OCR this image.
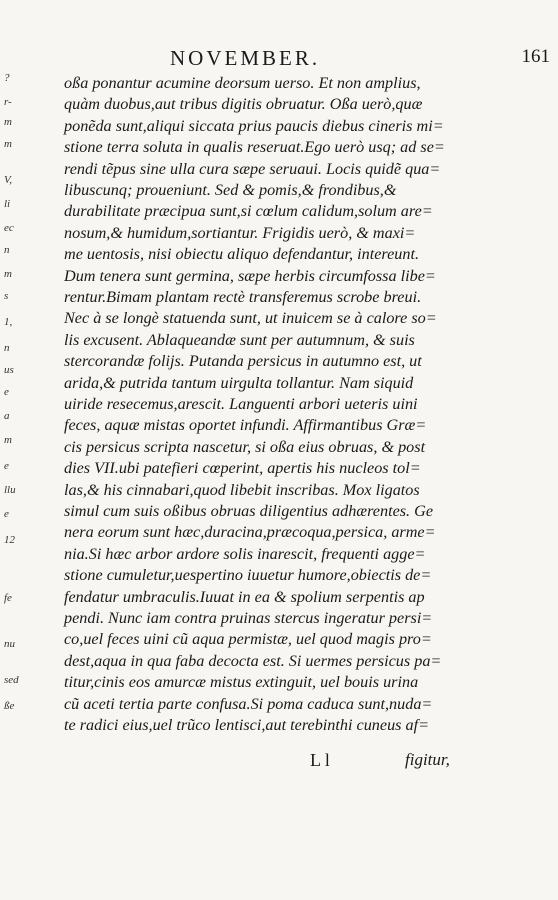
NOVEMBER.	161
?
r-
m
m
V,
li
ec
n
m
s
1,
n
us
e
a
m
e
llu
e
12
fe
nu
sed
ße
oßa ponantur acumine deorsum uerso. Et non amplius,
quàm duobus,aut tribus digitis obruatur. Oßa uerò,quæ
ponẽda sunt,aliqui siccata prius paucis diebus cineris mi=
stione terra soluta in qualis reseruat.Ego uerò usq; ad se=
rendi tẽpus sine ulla cura sæpe seruaui. Locis quidẽ qua=
libuscunq; proueniunt. Sed & pomis,& frondibus,&
durabilitate præcipua sunt,si cœlum calidum,solum are=
nosum,& humidum,sortiantur. Frigidis uerò, & maxi=
me uentosis, nisi obiectu aliquo defendantur, intereunt.
Dum tenera sunt germina, sæpe herbis circumfossa libe=
rentur.Bimam plantam rectè transferemus scrobe breui.
Nec à se longè statuenda sunt, ut inuicem se à calore so=
lis excusent. Ablaqueandæ sunt per autumnum, & suis
stercorandæ folijs. Putanda persicus in autumno est, ut
arida,& putrida tantum uirgulta tollantur. Nam siquid
uiride resecemus,arescit. Languenti arbori ueteris uini
feces, aquæ mistas oportet infundi. Affirmantibus Græ=
cis persicus scripta nascetur, si oßa eius obruas, & post
dies VII.ubi patefieri cœperint, apertis his nucleos tol=
las,& his cinnabari,quod libebit inscribas. Mox ligatos
simul cum suis oßibus obruas diligentius adhærentes. Ge
nera eorum sunt hæc,duracina,præcoqua,persica, arme=
nia.Si hæc arbor ardore solis inarescit, frequenti agge=
stione cumuletur,uespertino iuuetur humore,obiectis de=
fendatur umbraculis.Iuuat in ea & spolium serpentis ap
pendi. Nunc iam contra pruinas stercus ingeratur persi=
co,uel feces uini cũ aqua permistæ, uel quod magis pro=
dest,aqua in qua faba decocta est. Si uermes persicus pa=
titur,cinis eos amurcæ mistus extinguit, uel bouis urina
cũ aceti tertia parte confusa.Si poma caduca sunt,nuda=
te radici eius,uel trũco lentisci,aut terebinthi cuneus af=
L l	figitur,
